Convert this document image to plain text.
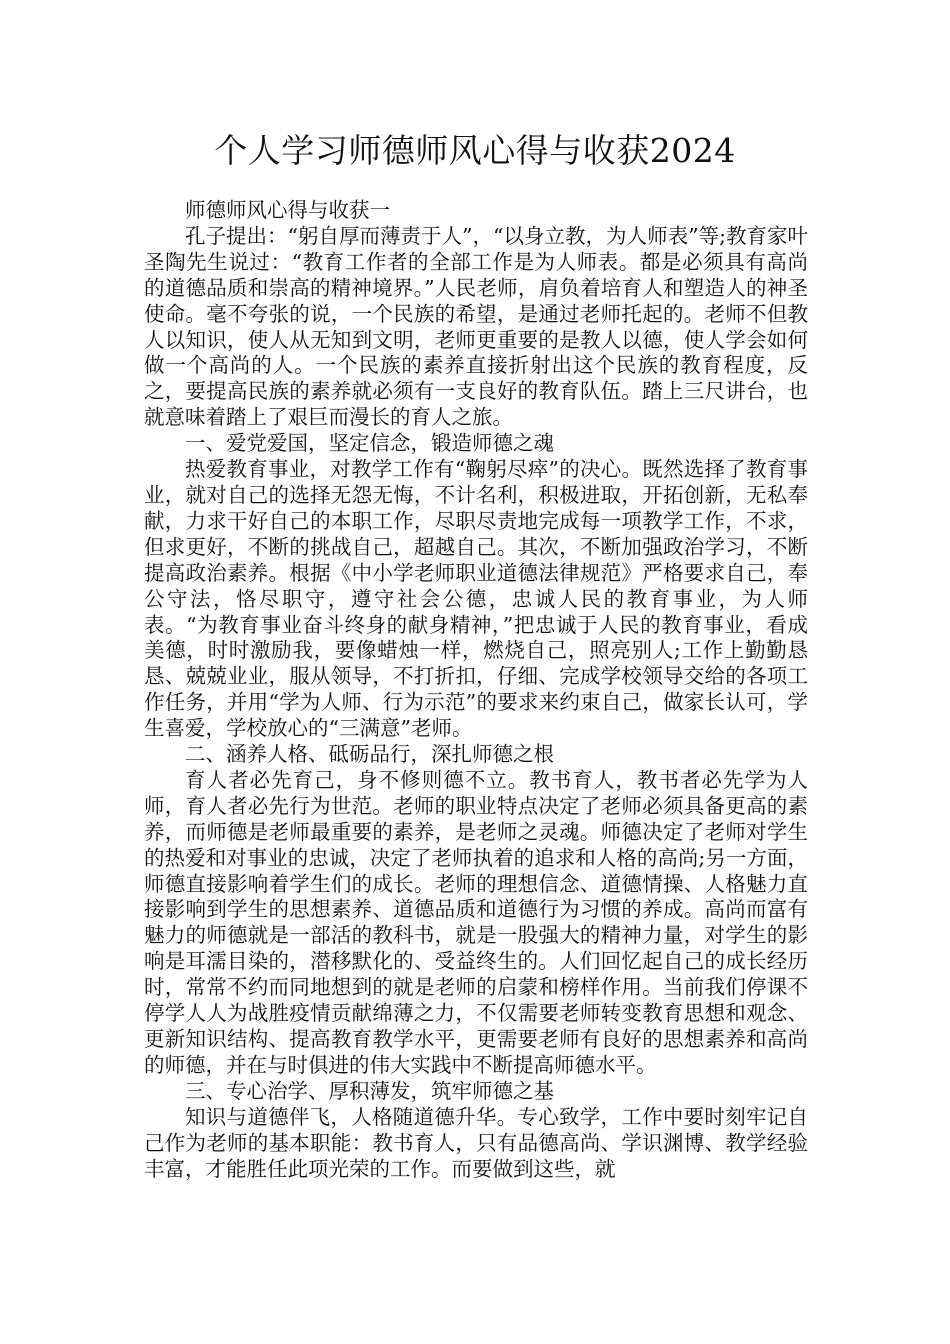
个人学习师德师风心得与收获2024

师德师风心得与收获一

孔子提出：“躬自厚而薄责于人”，“以身立教，为人师表”等;教育家叶圣陶先生说过：“教育工作者的全部工作是为人师表。都是必须具有高尚的道德品质和崇高的精神境界。”人民老师，肩负着培育人和塑造人的神圣使命。毫不夸张的说，一个民族的希望，是通过老师托起的。老师不但教人以知识，使人从无知到文明，老师更重要的是教人以德，使人学会如何做一个高尚的人。一个民族的素养直接折射出这个民族的教育程度，反之，要提高民族的素养就必须有一支良好的教育队伍。踏上三尺讲台，也就意味着踏上了艰巨而漫长的育人之旅。

一、爱党爱国，坚定信念，锻造师德之魂

热爱教育事业，对教学工作有“鞠躬尽瘁”的决心。既然选择了教育事业，就对自己的选择无怨无悔，不计名利，积极进取，开拓创新，无私奉献，力求干好自己的本职工作，尽职尽责地完成每一项教学工作，不求，但求更好，不断的挑战自己，超越自己。其次，不断加强政治学习，不断提高政治素养。根据《中小学老师职业道德法律规范》严格要求自己，奉公守法，恪尽职守，遵守社会公德，忠诚人民的教育事业，为人师表。“为教育事业奋斗终身的献身精神，”把忠诚于人民的教育事业，看成美德，时时激励我，要像蜡烛一样，燃烧自己，照亮别人;工作上勤勤恳恳、兢兢业业，服从领导，不打折扣，仔细、完成学校领导交给的各项工作任务，并用“学为人师、行为示范”的要求来约束自己，做家长认可，学生喜爱，学校放心的“三满意”老师。

二、涵养人格、砥砺品行，深扎师德之根

育人者必先育己，身不修则德不立。教书育人，教书者必先学为人师，育人者必先行为世范。老师的职业特点决定了老师必须具备更高的素养，而师德是老师最重要的素养，是老师之灵魂。师德决定了老师对学生的热爱和对事业的忠诚，决定了老师执着的追求和人格的高尚;另一方面，师德直接影响着学生们的成长。老师的理想信念、道德情操、人格魅力直接影响到学生的思想素养、道德品质和道德行为习惯的养成。高尚而富有魅力的师德就是一部活的教科书，就是一股强大的精神力量，对学生的影响是耳濡目染的，潜移默化的、受益终生的。人们回忆起自己的成长经历时，常常不约而同地想到的就是老师的启蒙和榜样作用。当前我们停课不停学人人为战胜疫情贡献绵薄之力，不仅需要老师转变教育思想和观念、更新知识结构、提高教育教学水平，更需要老师有良好的思想素养和高尚的师德，并在与时俱进的伟大实践中不断提高师德水平。

三、专心治学、厚积薄发，筑牢师德之基

知识与道德伴飞，人格随道德升华。专心致学，工作中要时刻牢记自己作为老师的基本职能：教书育人，只有品德高尚、学识渊博、教学经验丰富，才能胜任此项光荣的工作。而要做到这些，就
